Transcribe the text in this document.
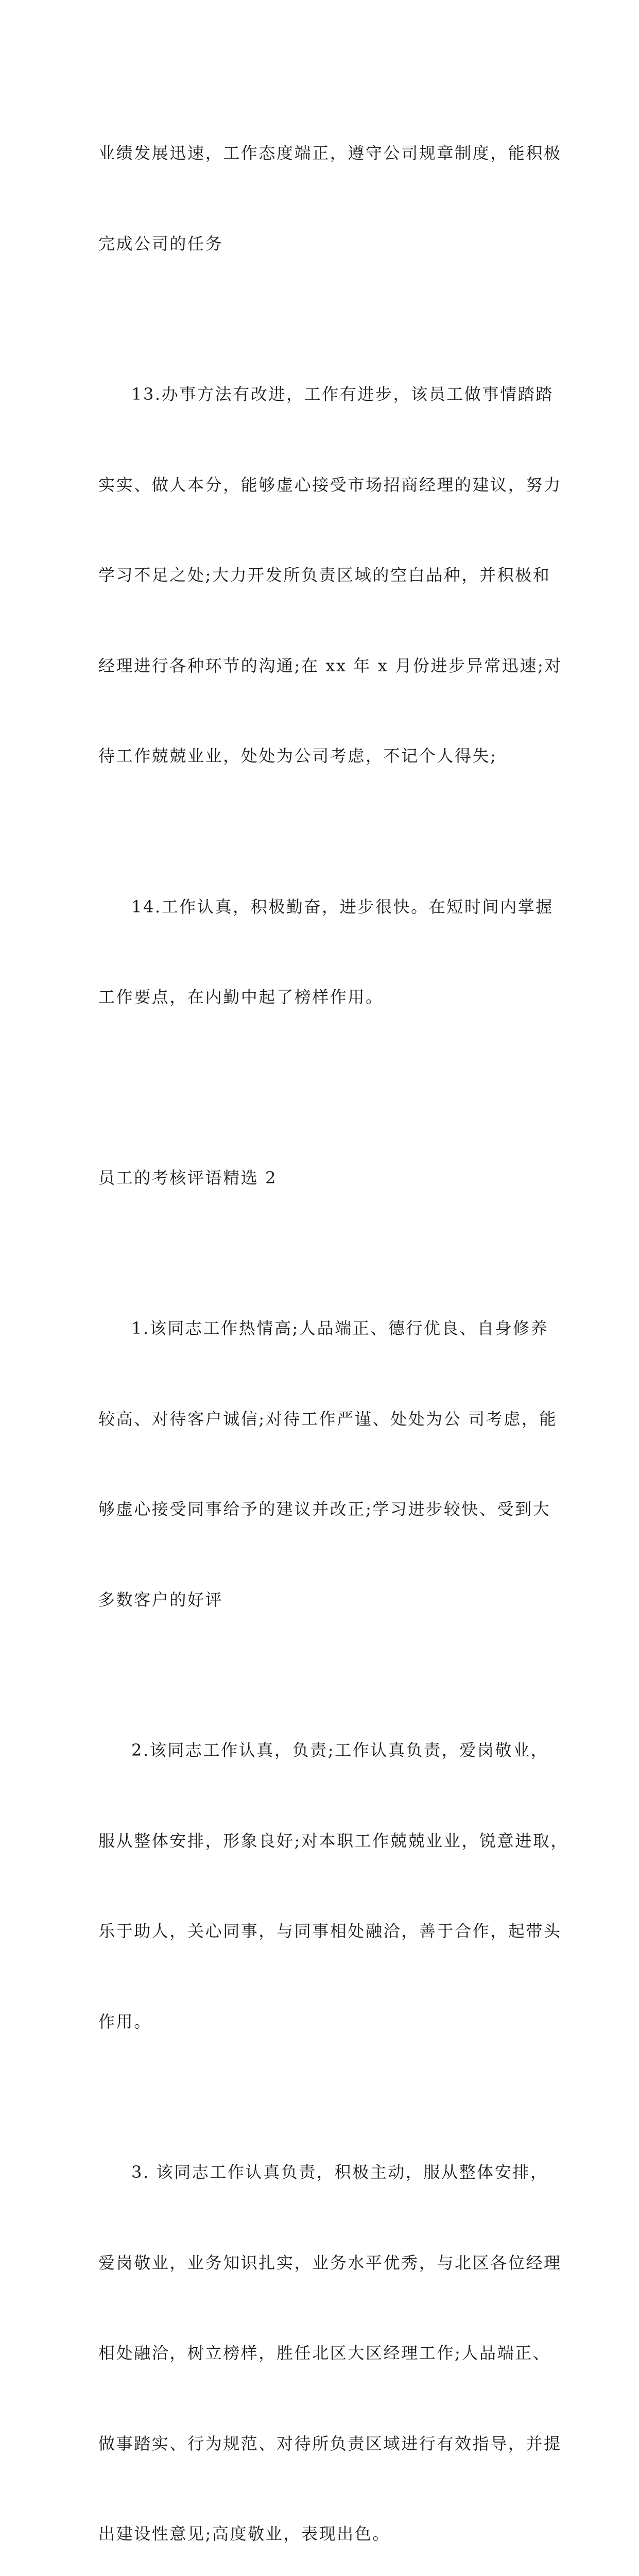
业绩发展迅速，工作态度端正，遵守公司规章制度，能积极

完成公司的任务

13.办事方法有改进，工作有进步，该员工做事情踏踏

实实、做人本分，能够虚心接受市场招商经理的建议，努力

学习不足之处;大力开发所负责区域的空白品种，并积极和

经理进行各种环节的沟通;在 xx 年 x 月份进步异常迅速;对

待工作兢兢业业，处处为公司考虑，不记个人得失;

14.工作认真，积极勤奋，进步很快。在短时间内掌握

工作要点，在内勤中起了榜样作用。

员工的考核评语精选 2

1.该同志工作热情高;人品端正、德行优良、自身修养

较高、对待客户诚信;对待工作严谨、处处为公 司考虑，能

够虚心接受同事给予的建议并改正;学习进步较快、受到大

多数客户的好评

2.该同志工作认真，负责;工作认真负责，爱岗敬业，

服从整体安排，形象良好;对本职工作兢兢业业，锐意进取，

乐于助人，关心同事，与同事相处融洽，善于合作，起带头

作用。

3. 该同志工作认真负责，积极主动，服从整体安排，

爱岗敬业，业务知识扎实，业务水平优秀，与北区各位经理

相处融洽，树立榜样，胜任北区大区经理工作;人品端正、

做事踏实、行为规范、对待所负责区域进行有效指导，并提

出建设性意见;高度敬业，表现出色。
